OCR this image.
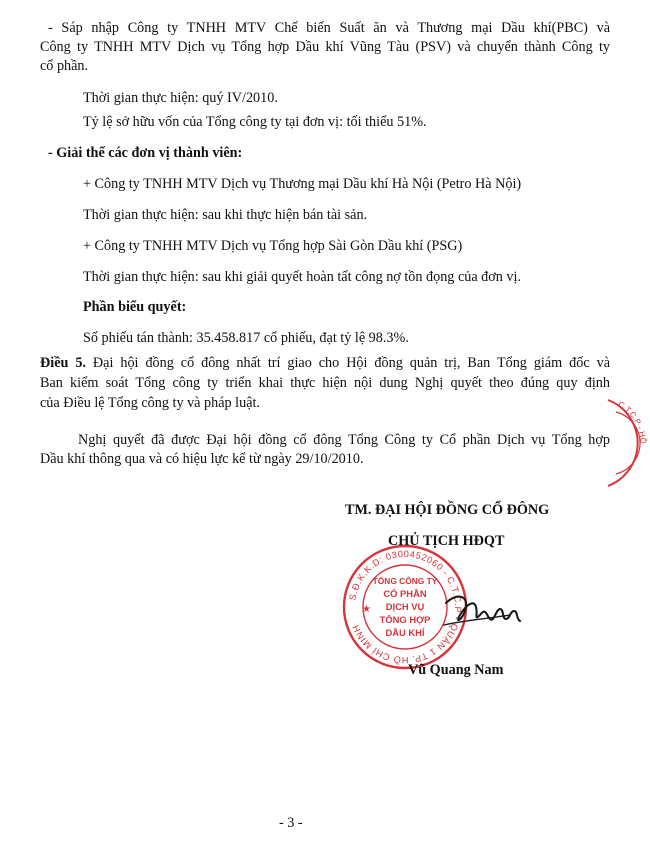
- Sáp nhập Công ty TNHH MTV Chế biến Suất ăn và Thương mại Dầu khí(PBC) và
Công ty TNHH MTV Dịch vụ Tổng hợp Dầu khí Vũng Tàu (PSV) và chuyển thành Công ty
cổ phần.
Thời gian thực hiện: quý IV/2010.
Tỷ lệ sở hữu vốn của Tổng công ty tại đơn vị: tối thiểu 51%.
- Giải thể các đơn vị thành viên:
+ Công ty TNHH MTV Dịch vụ Thương mại Dầu khí Hà Nội (Petro Hà Nội)
Thời gian thực hiện: sau khi thực hiện bán tài sản.
+ Công ty TNHH MTV Dịch vụ Tổng hợp Sài Gòn Dầu khí (PSG)
Thời gian thực hiện: sau khi giải quyết hoàn tất công nợ tồn đọng của đơn vị.
Phần biểu quyết:
Số phiếu tán thành: 35.458.817 cổ phiếu, đạt tỷ lệ 98.3%.
Điều 5. Đại hội đồng cổ đông nhất trí giao cho Hội đồng quản trị, Ban Tổng giám đốc và
Ban kiểm soát Tổng công ty triển khai thực hiện nội dung Nghị quyết theo đúng quy định
của Điều lệ Tổng công ty và pháp luật.
Nghị quyết đã được Đại hội đồng cổ đông Tổng Công ty Cổ phần Dịch vụ Tổng hợp
Dầu khí thông qua và có hiệu lực kể từ ngày 29/10/2010.
TM. ĐẠI HỘI ĐỒNG CỔ ĐÔNG
CHỦ TỊCH HĐQT
S.Đ.K.K.D: 0300452060 - C.T.C.P - QUẬN 1 TP. HỒ CHÍ MINH
★
TỔNG CÔNG TY
CỔ PHẦN
DỊCH VỤ
TỔNG HỢP
DẦU KHÍ
Vũ Quang Nam
C.T.C.P - HỒ
- 3 -
